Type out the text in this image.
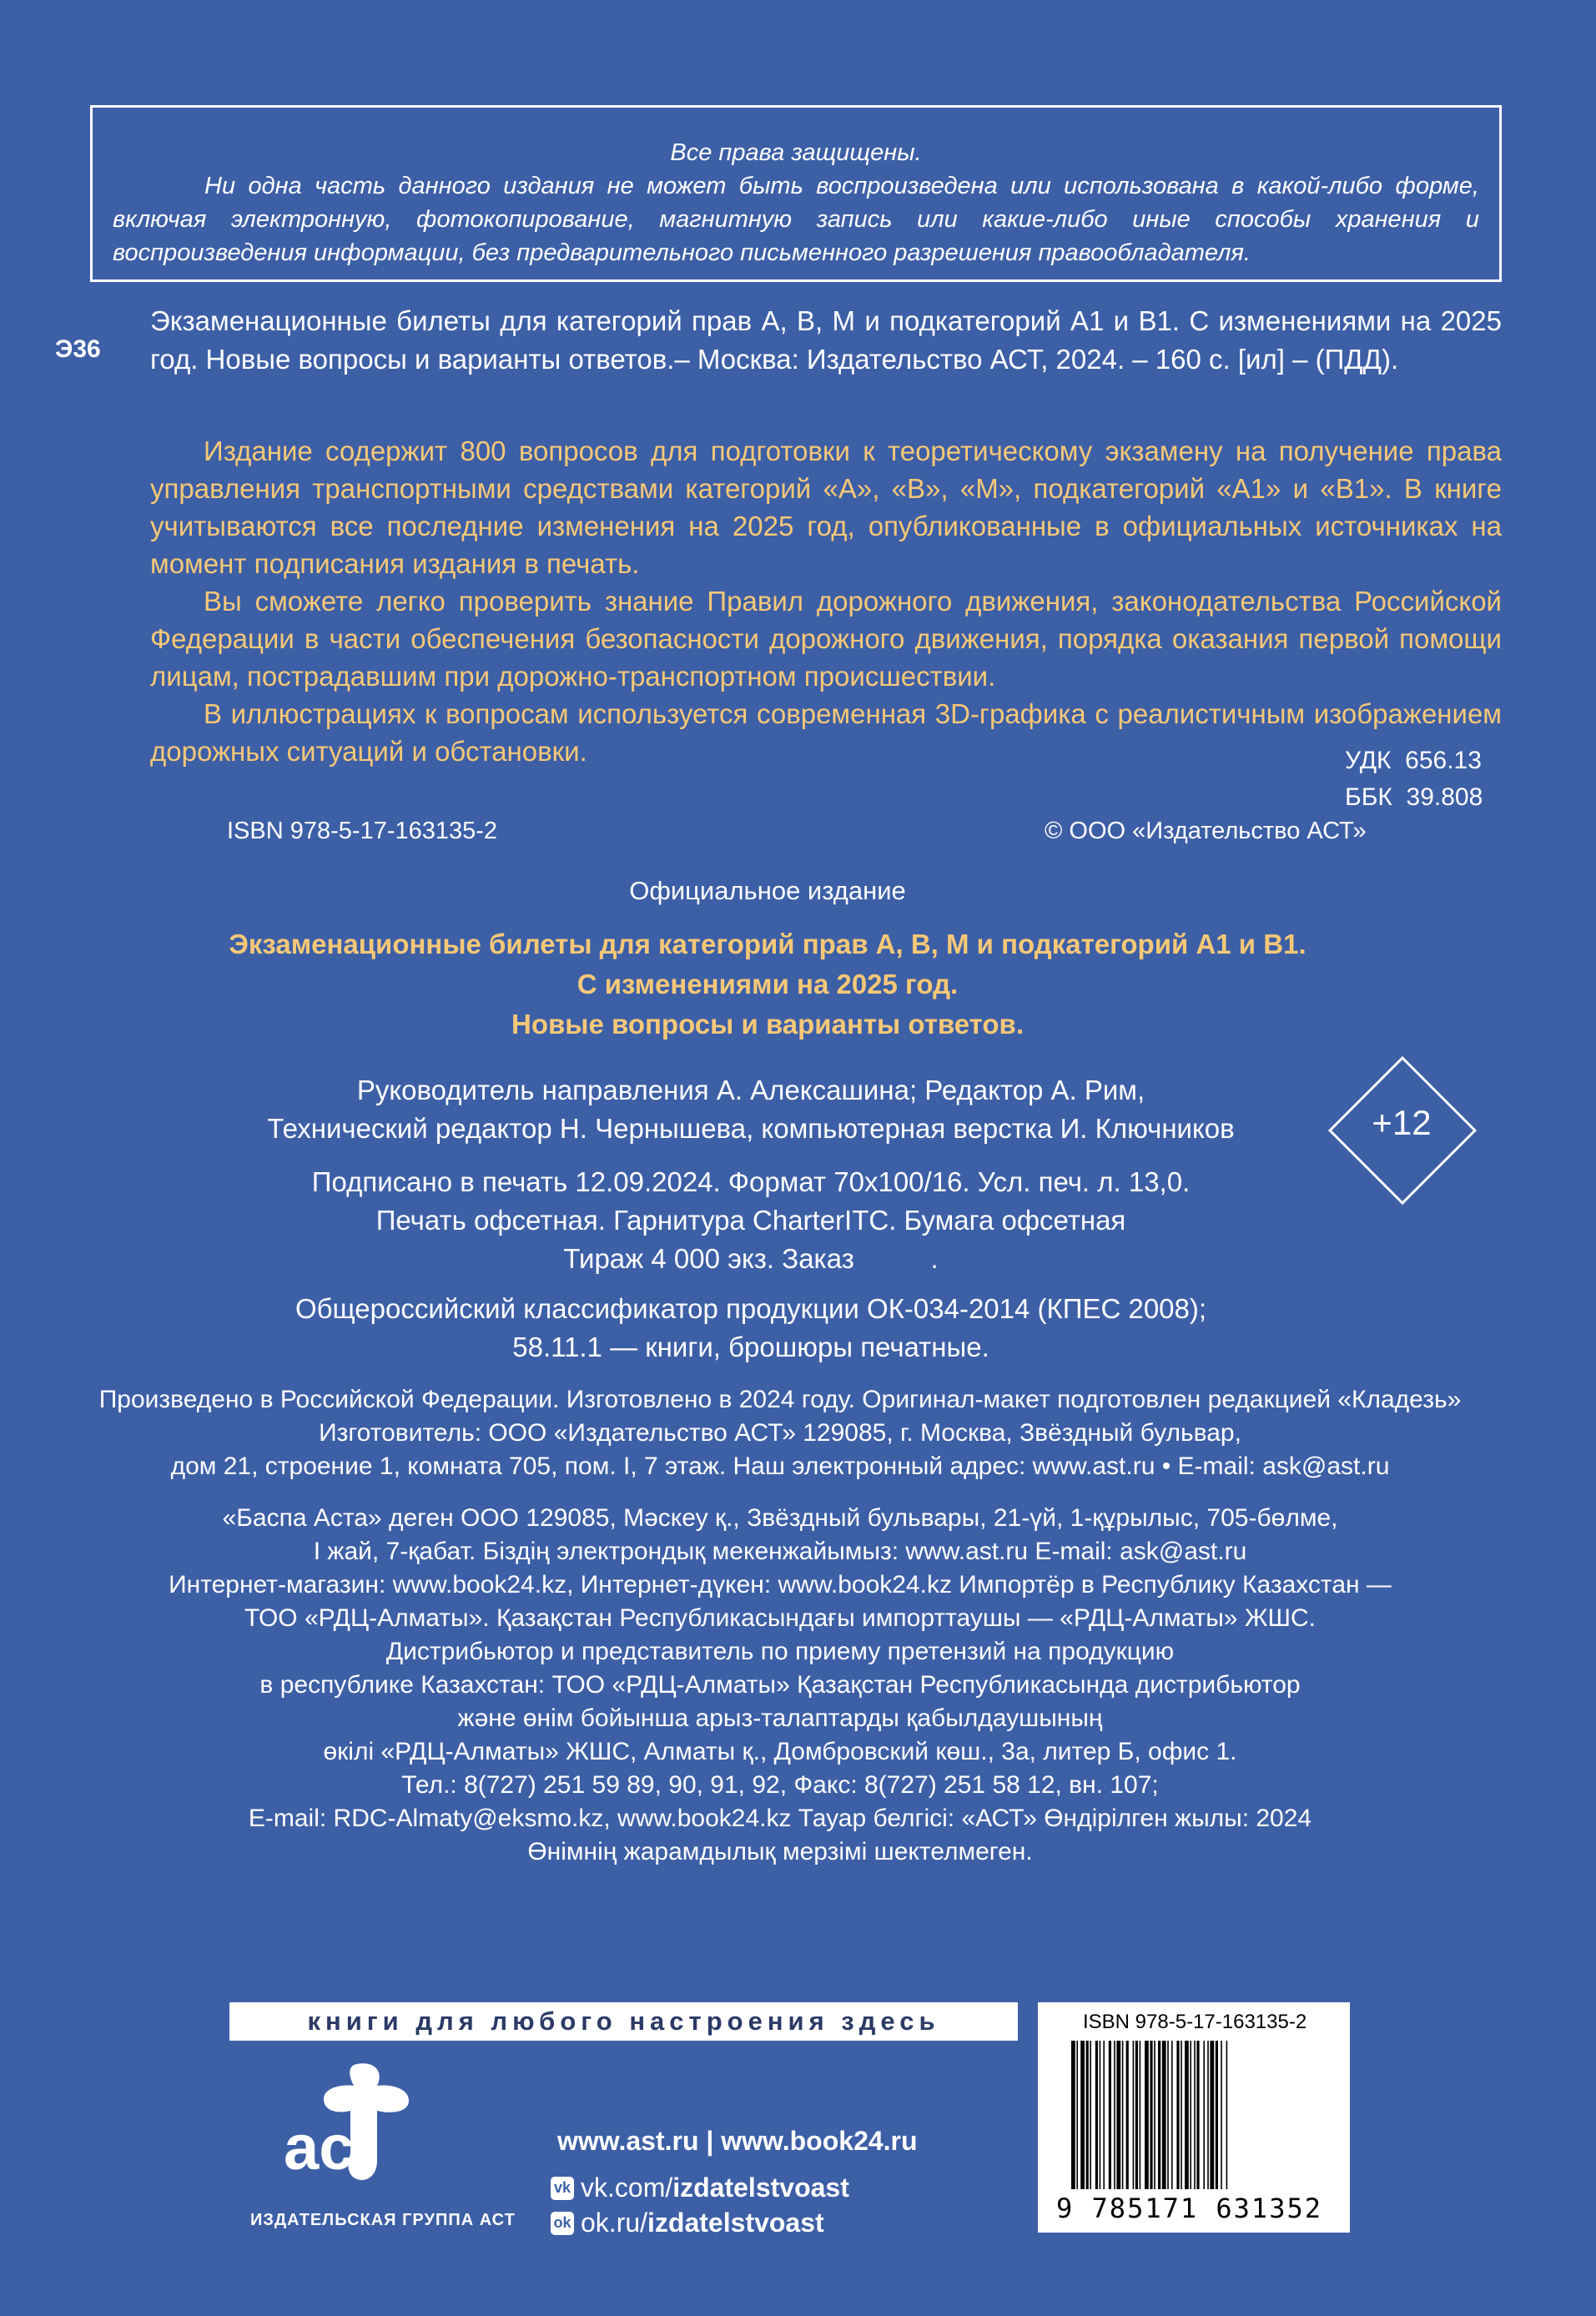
Все права защищены.
Ни одна часть данного издания не может быть воспроизведена или использована в какой-либо форме, включая электронную, фотокопирование, магнитную запись или какие-либо иные способы хранения и воспроизведения информации, без предварительного письменного разрешения правообладателя.
Э36
Экзаменационные билеты для категорий прав А, В, М и подкатегорий А1 и В1. С изменениями на 2025 год. Новые вопросы и варианты ответов.– Москва: Издательство АСТ, 2024. – 160 с. [ил] – (ПДД).

Издание содержит 800 вопросов для подготовки к теоретическому экзамену на получение права управления транспортными средствами категорий «А», «В», «М», подкатегорий «А1» и «В1». В книге учитываются все последние изменения на 2025 год, опубликованные в официальных источниках на момент подписания издания в печать.

Вы сможете легко проверить знание Правил дорожного движения, законодательства Российской Федерации в части обеспечения безопасности дорожного движения, порядка оказания первой помощи лицам, пострадавшим при дорожно-транспортном происшествии.

В иллюстрациях к вопросам используется современная 3D-графика с реалистичным изображением дорожных ситуаций и обстановки.	УДК  656.13
ББК  39.808
ISBN 978-5-17-163135-2	© ООО «Издательство АСТ»
Официальное издание
Экзаменационные билеты для категорий прав А, В, М и подкатегорий А1 и В1.
С изменениями на 2025 год.
Новые вопросы и варианты ответов.
Руководитель направления А. Алексашина; Редактор А. Рим,
Технический редактор Н. Чернышева, компьютерная верстка И. Ключников	+12
Подписано в печать 12.09.2024. Формат 70x100/16. Усл. печ. л. 13,0.
Печать офсетная. Гарнитура CharterITC. Бумага офсетная
Тираж 4 000 экз. Заказ          .
Общероссийский классификатор продукции ОК-034-2014 (КПЕС 2008);
58.11.1 — книги, брошюры печатные.
Произведено в Российской Федерации. Изготовлено в 2024 году. Оригинал-макет подготовлен редакцией «Кладезь»
Изготовитель: ООО «Издательство АСТ» 129085, г. Москва, Звёздный бульвар,
дом 21, строение 1, комната 705, пом. I, 7 этаж. Наш электронный адрес: www.ast.ru • E-mail: ask@ast.ru
«Баспа Аста» деген ООО 129085, Мәскеу қ., Звёздный бульвары, 21-үй, 1-құрылыс, 705-бөлме,
I жай, 7-қабат. Біздің электрондық мекенжайымыз: www.ast.ru E-mail: ask@ast.ru
Интернет-магазин: www.book24.kz, Интернет-дүкен: www.book24.kz Импортёр в Республику Казахстан —
ТОО «РДЦ-Алматы». Қазақстан Республикасындағы импорттаушы — «РДЦ-Алматы» ЖШС.
Дистрибьютор и представитель по приему претензий на продукцию
в республике Казахстан: ТОО «РДЦ-Алматы» Қазақстан Республикасында дистрибьютор
және өнім бойынша арыз-талаптарды қабылдаушының
өкілі «РДЦ-Алматы» ЖШС, Алматы қ., Домбровский көш., 3а, литер Б, офис 1.
Тел.: 8(727) 251 59 89, 90, 91, 92, Факс: 8(727) 251 58 12, вн. 107;
E-mail: RDC-Almaty@eksmo.kz, www.book24.kz Тауар белгісі: «АСТ» Өндірілген жылы: 2024
Өнімнің жарамдылық мерзімі шектелмеген.
книги для любого настроения здесь
ас
ИЗДАТЕЛЬСКАЯ ГРУППА АСТ
www.ast.ru | www.book24.ru
vk vk.com/ izdatelstvoast
ok ok.ru/ izdatelstvoast
ISBN 978-5-17-163135-2
9 785171 631352
